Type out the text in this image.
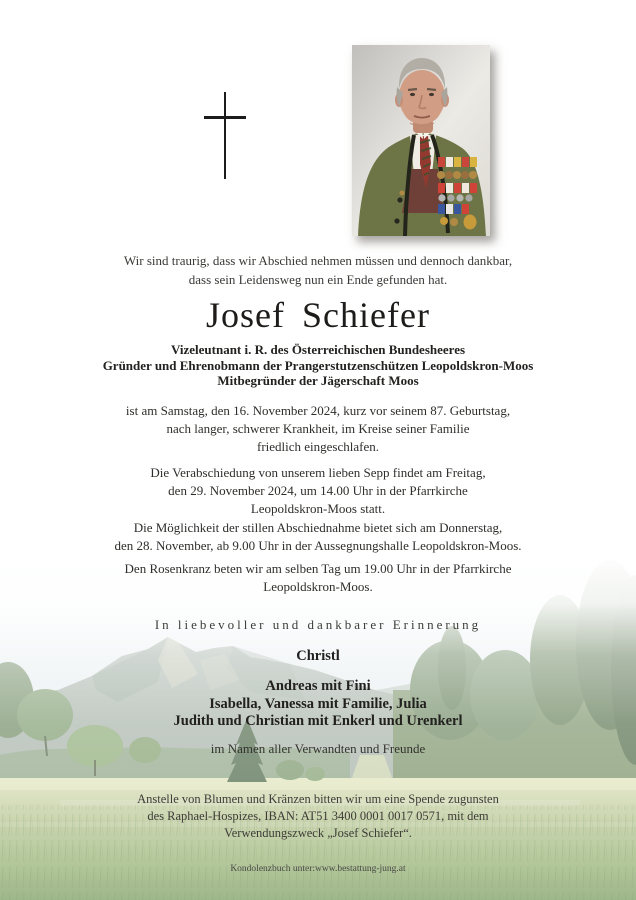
Wir sind traurig, dass wir Abschied nehmen müssen und dennoch dankbar,
dass sein Leidensweg nun ein Ende gefunden hat.
Josef Schiefer
Vizeleutnant i. R. des Österreichischen Bundesheeres
Gründer und Ehrenobmann der Prangerstutzenschützen Leopoldskron-Moos
Mitbegründer der Jägerschaft Moos
ist am Samstag, den 16. November 2024, kurz vor seinem 87. Geburtstag,
nach langer, schwerer Krankheit, im Kreise seiner Familie
friedlich eingeschlafen.
Die Verabschiedung von unserem lieben Sepp findet am Freitag,
den 29. November 2024, um 14.00 Uhr in der Pfarrkirche
Leopoldskron-Moos statt.
Die Möglichkeit der stillen Abschiednahme bietet sich am Donnerstag,
den 28. November, ab 9.00 Uhr in der Aussegnungshalle Leopoldskron-Moos.
Den Rosenkranz beten wir am selben Tag um 19.00 Uhr in der Pfarrkirche
Leopoldskron-Moos.
In liebevoller und dankbarer Erinnerung
Christl
Andreas mit Fini
Isabella, Vanessa mit Familie, Julia
Judith und Christian mit Enkerl und Urenkerl
im Namen aller Verwandten und Freunde
Anstelle von Blumen und Kränzen bitten wir um eine Spende zugunsten
des Raphael-Hospizes, IBAN: AT51 3400 0001 0017 0571, mit dem
Verwendungszweck „Josef Schiefer“.
Kondolenzbuch unter:www.bestattung-jung.at
